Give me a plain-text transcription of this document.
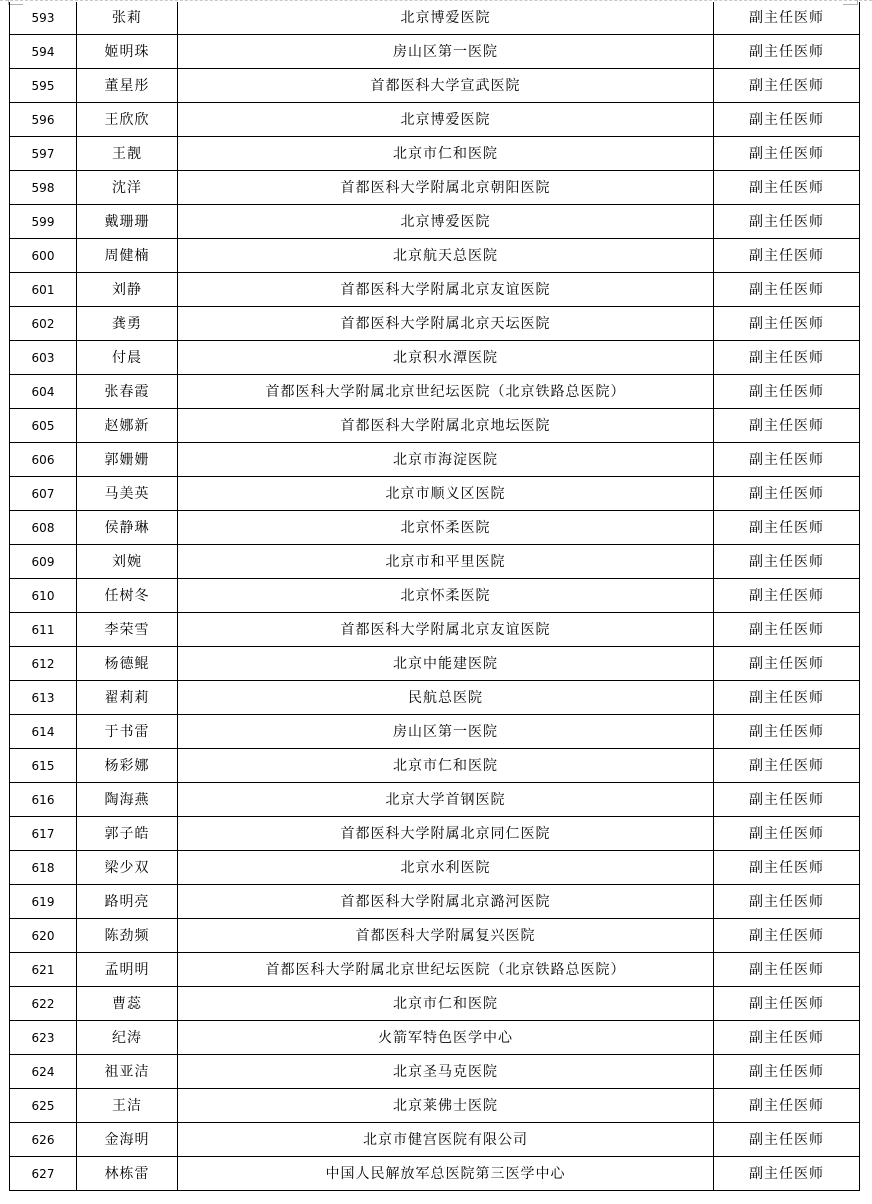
593	张莉	北京博爱医院	副主任医师
594	姬明珠	房山区第一医院	副主任医师
595	董星彤	首都医科大学宣武医院	副主任医师
596	王欣欣	北京博爱医院	副主任医师
597	王靓	北京市仁和医院	副主任医师
598	沈洋	首都医科大学附属北京朝阳医院	副主任医师
599	戴珊珊	北京博爱医院	副主任医师
600	周健楠	北京航天总医院	副主任医师
601	刘静	首都医科大学附属北京友谊医院	副主任医师
602	龚勇	首都医科大学附属北京天坛医院	副主任医师
603	付晨	北京积水潭医院	副主任医师
604	张春霞	首都医科大学附属北京世纪坛医院（北京铁路总医院）	副主任医师
605	赵娜新	首都医科大学附属北京地坛医院	副主任医师
606	郭姗姗	北京市海淀医院	副主任医师
607	马美英	北京市顺义区医院	副主任医师
608	侯静琳	北京怀柔医院	副主任医师
609	刘婉	北京市和平里医院	副主任医师
610	任树冬	北京怀柔医院	副主任医师
611	李荣雪	首都医科大学附属北京友谊医院	副主任医师
612	杨德鲲	北京中能建医院	副主任医师
613	翟莉莉	民航总医院	副主任医师
614	于书雷	房山区第一医院	副主任医师
615	杨彩娜	北京市仁和医院	副主任医师
616	陶海燕	北京大学首钢医院	副主任医师
617	郭子皓	首都医科大学附属北京同仁医院	副主任医师
618	梁少双	北京水利医院	副主任医师
619	路明亮	首都医科大学附属北京潞河医院	副主任医师
620	陈劲频	首都医科大学附属复兴医院	副主任医师
621	孟明明	首都医科大学附属北京世纪坛医院（北京铁路总医院）	副主任医师
622	曹蕊	北京市仁和医院	副主任医师
623	纪涛	火箭军特色医学中心	副主任医师
624	祖亚洁	北京圣马克医院	副主任医师
625	王洁	北京莱佛士医院	副主任医师
626	金海明	北京市健宫医院有限公司	副主任医师
627	林栋雷	中国人民解放军总医院第三医学中心	副主任医师
